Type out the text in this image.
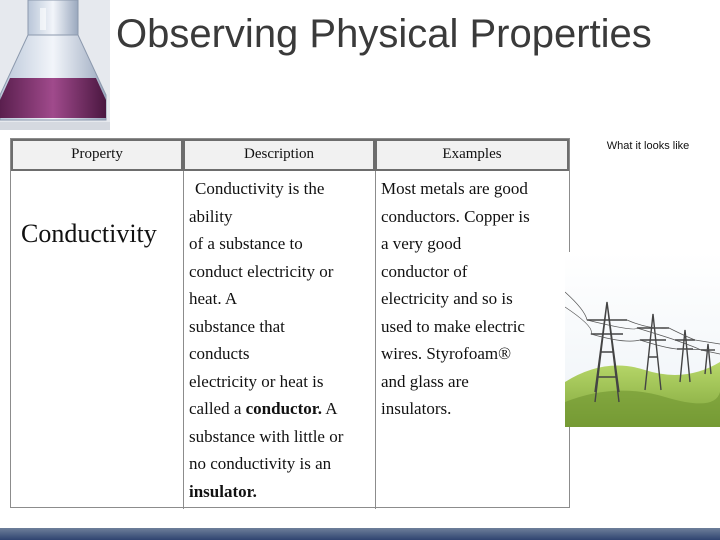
Observing Physical Properties
Property	Description	Examples
Conductivity
Conductivity is the
ability
of a substance to
conduct electricity or
heat. A
substance that
conducts
electricity or heat is
called a conductor. A
substance with little or
no conductivity is an
insulator.
Most metals are good
conductors. Copper is
a very good
conductor of
electricity and so is
used to make electric
wires. Styrofoam®
and glass are
insulators.
What it looks like
